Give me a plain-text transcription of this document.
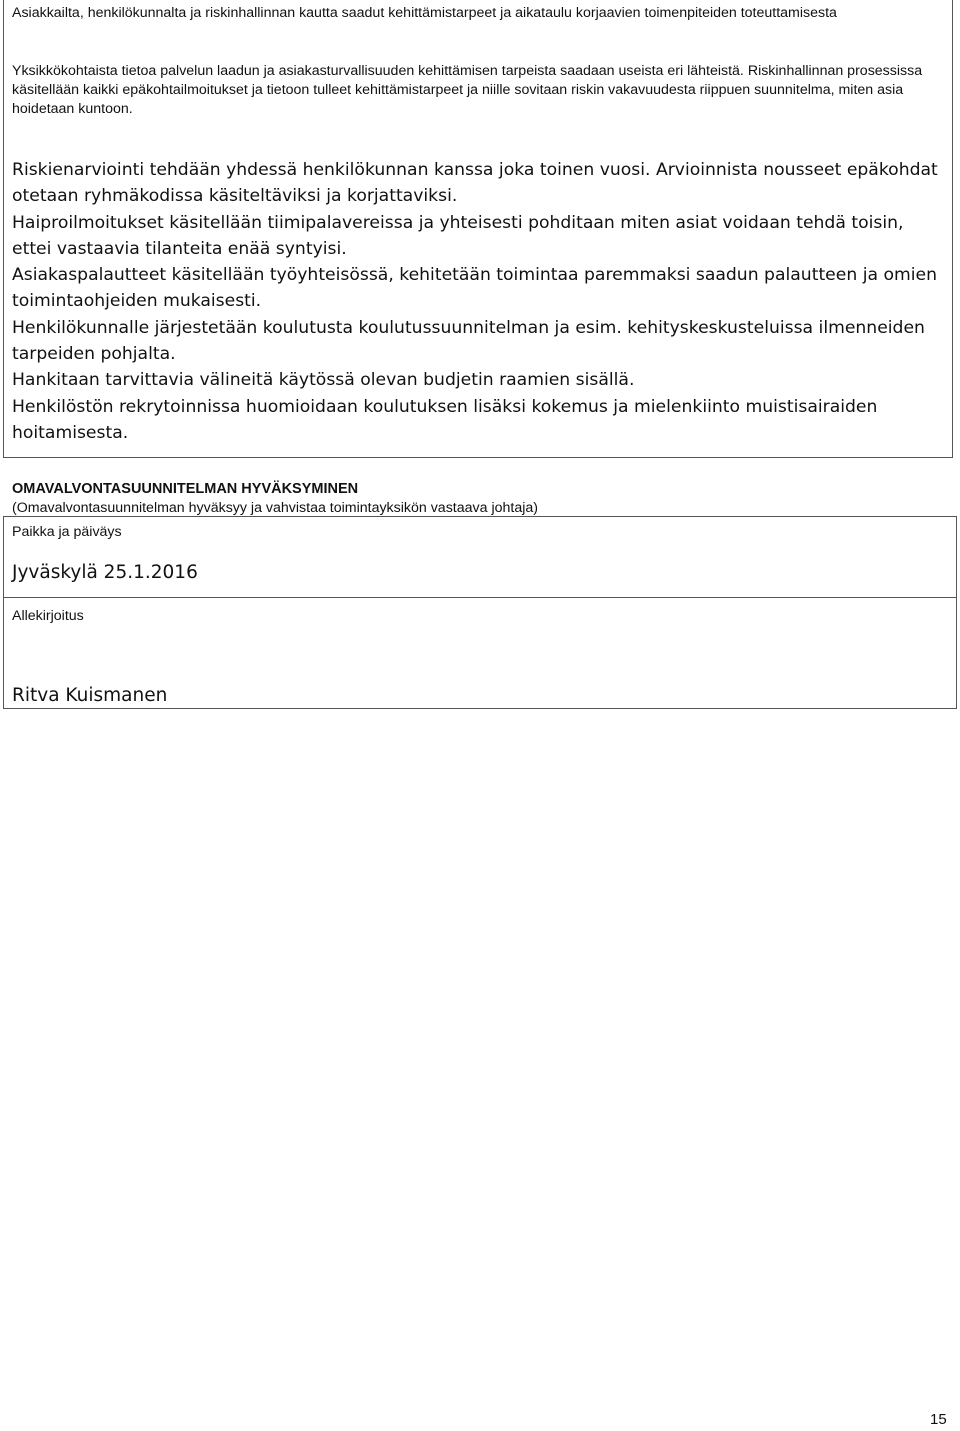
Asiakkailta, henkilökunnalta ja riskinhallinnan kautta saadut kehittämistarpeet ja aikataulu korjaavien toimenpiteiden toteuttamisesta

Yksikkökohtaista tietoa palvelun laadun ja asiakasturvallisuuden kehittämisen tarpeista saadaan useista eri lähteistä. Riskinhallinnan prosessissa käsitellään kaikki epäkohtailmoitukset ja tietoon tulleet kehittämistarpeet ja niille sovitaan riskin vakavuudesta riippuen suunnitelma, miten asia hoidetaan kuntoon.

Riskienarviointi tehdään yhdessä henkilökunnan kanssa joka toinen vuosi. Arvioinnista nousseet epäkohdat otetaan ryhmäkodissa käsiteltäviksi ja korjattaviksi.

Haiproilmoitukset käsitellään tiimipalavereissa ja yhteisesti pohditaan miten asiat voidaan tehdä toisin, ettei vastaavia tilanteita enää syntyisi.

Asiakaspalautteet käsitellään työyhteisössä, kehitetään toimintaa paremmaksi saadun palautteen ja omien toimintaohjeiden mukaisesti.

Henkilökunnalle järjestetään koulutusta koulutussuunnitelman ja esim. kehityskeskusteluissa ilmenneiden tarpeiden pohjalta.

Hankitaan tarvittavia välineitä käytössä olevan budjetin raamien sisällä.

Henkilöstön rekrytoinnissa huomioidaan koulutuksen lisäksi kokemus ja mielenkiinto muistisairaiden hoitamisesta.

OMAVALVONTASUUNNITELMAN HYVÄKSYMINEN

(Omavalvontasuunnitelman hyväksyy ja vahvistaa toimintayksikön vastaava johtaja)

Paikka ja päiväys
Jyväskylä 25.1.2016
Allekirjoitus
Ritva Kuismanen
15
